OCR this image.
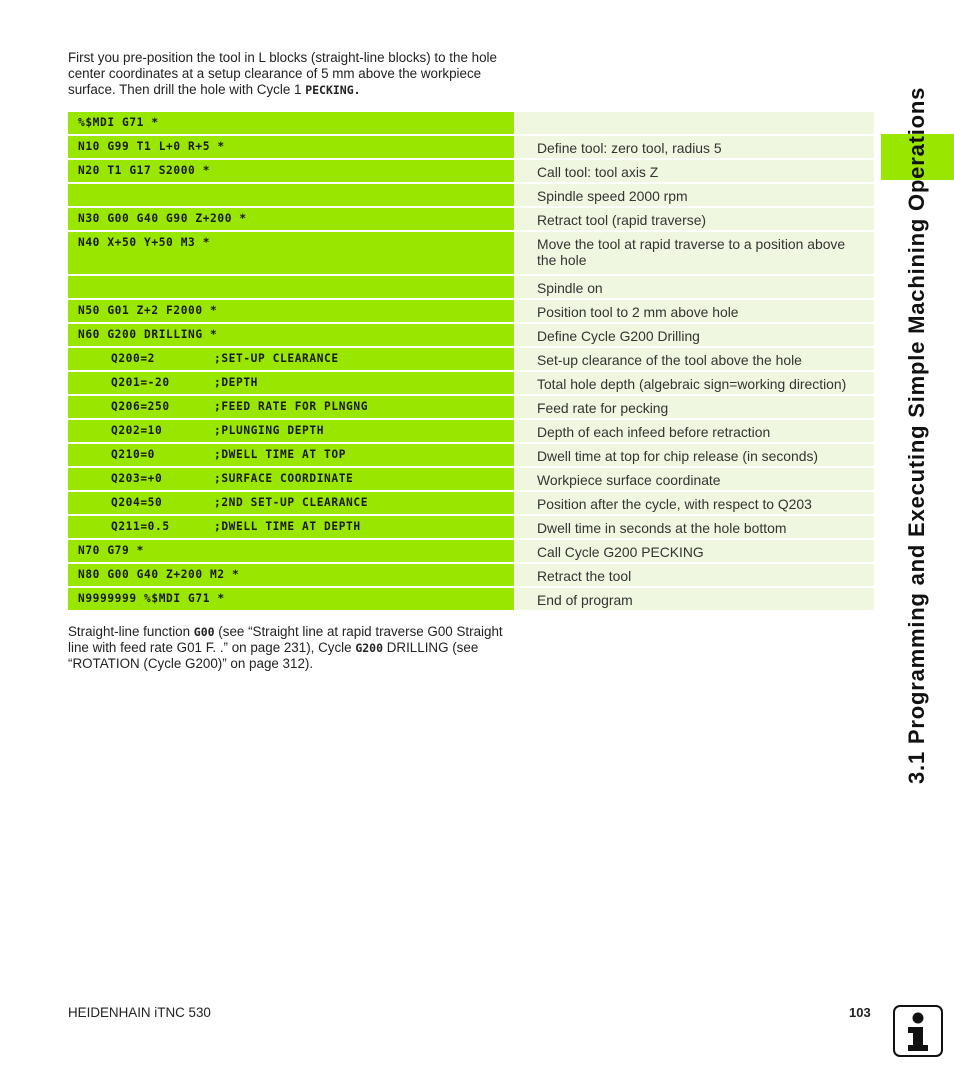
First you pre-position the tool in L blocks (straight-line blocks) to the hole center coordinates at a setup clearance of 5 mm above the workpiece surface. Then drill the hole with Cycle 1 PECKING.
%$MDI G71 *	

N10 G99 T1 L+0 R+5 *		Define tool: zero tool, radius 5

N20 T1 G17 S2000 *		Call tool: tool axis Z

		Spindle speed 2000 rpm

N30 G00 G40 G90 Z+200 *		Retract tool (rapid traverse)

N40 X+50 Y+50 M3 *		Move the tool at rapid traverse to a position above the hole

		Spindle on

N50 G01 Z+2 F2000 *		Position tool to 2 mm above hole

N60 G200 DRILLING *		Define Cycle G200 Drilling

Q200=2 ;SET-UP CLEARANCE		Set-up clearance of the tool above the hole

Q201=-20 ;DEPTH		Total hole depth (algebraic sign=working direction)

Q206=250 ;FEED RATE FOR PLNGNG		Feed rate for pecking

Q202=10 ;PLUNGING DEPTH		Depth of each infeed before retraction

Q210=0 ;DWELL TIME AT TOP		Dwell time at top for chip release (in seconds)

Q203=+0 ;SURFACE COORDINATE		Workpiece surface coordinate

Q204=50 ;2ND SET-UP CLEARANCE		Position after the cycle, with respect to Q203

Q211=0.5 ;DWELL TIME AT DEPTH		Dwell time in seconds at the hole bottom

N70 G79 *		Call Cycle G200 PECKING

N80 G00 G40 Z+200 M2 *		Retract the tool

N9999999 %$MDI G71 *		End of program
Straight-line function G00 (see “Straight line at rapid traverse G00 Straight line with feed rate G01 F. .” on page 231), Cycle G200 DRILLING (see “ROTATION (Cycle G200)” on page 312).	3.1 Programming and Executing Simple Machining Operations
HEIDENHAIN iTNC 530	103
